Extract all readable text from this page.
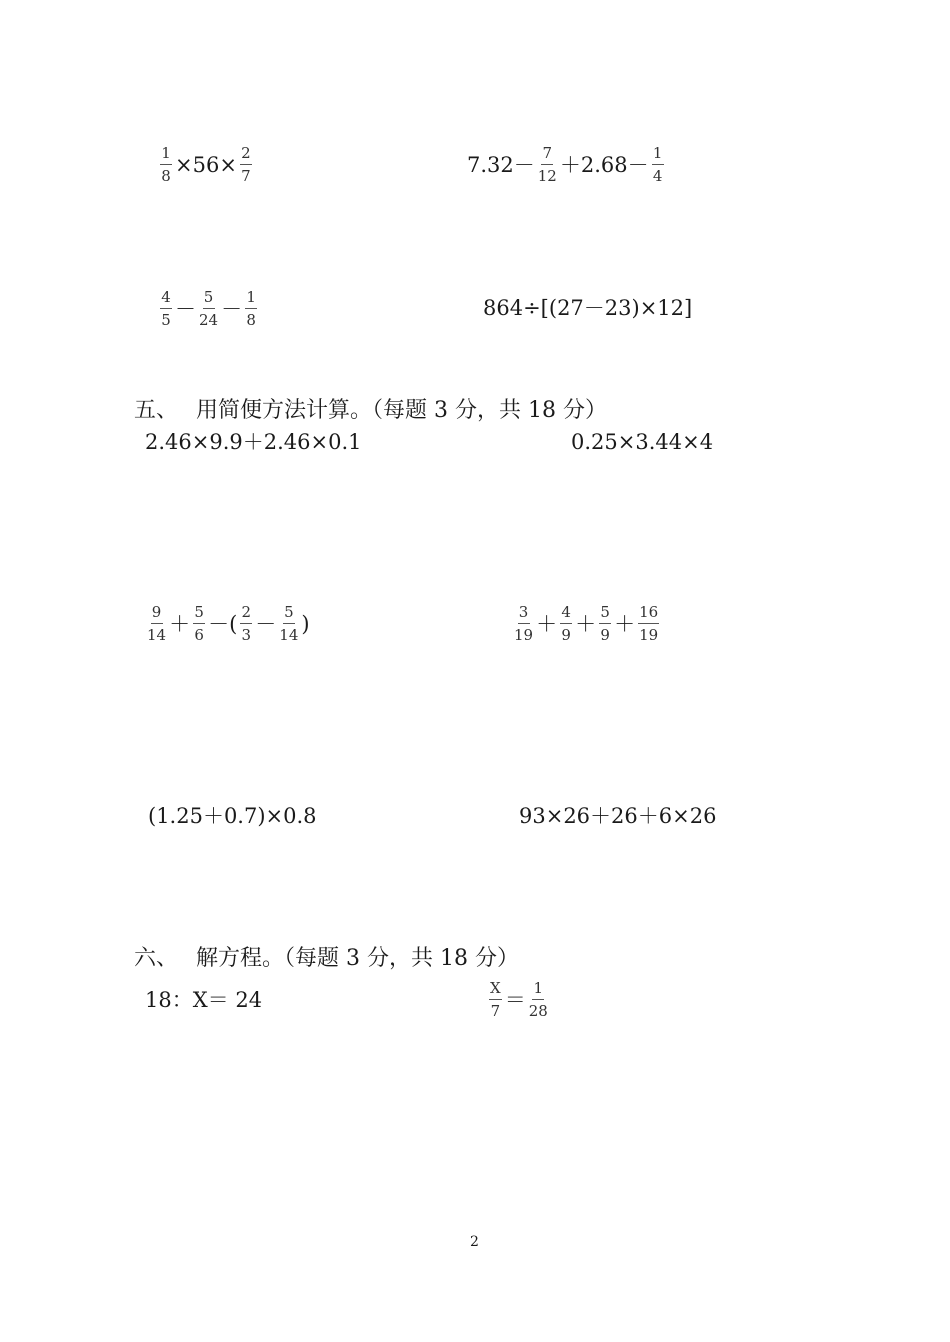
$\frac{1}{8} \times 56\times \frac{2}{7}$	$7.32- \frac{7}{12} +2.68- \frac{1}{4}$
$\frac{4}{5} - \frac{5}{24} - \frac{1}{8}$	864÷[(27－23)×12]
五、 用简便方法计算。（每题 3 分，共 18 分）
2.46×9.9＋2.46×0.1	0.25×3.44×4
$\frac{9}{14} + \frac{5}{6}$ －( $\frac{2}{3} - \frac{5}{14}$ )	$\frac{3}{19} + \frac{4}{9} + \frac{5}{9} + \frac{16}{19}$
(1.25＋0.7)×0.8	93×26＋26＋6×26
六、 解方程。（每题 3 分，共 18 分）
18：X＝ 24	$\frac{X}{7} = \frac{1}{28}$
2
